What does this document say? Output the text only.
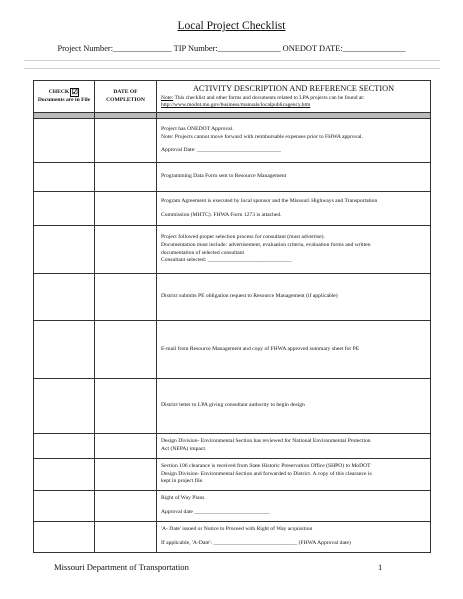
Local Project Checklist
Project Number:______________ TIP Number:_______________ ONEDOT DATE:_______________
CHECK ☑
Documents are in File	DATE OF COMPLETION	ACTIVITY DESCRIPTION AND REFERENCE SECTION
Note: This checklist and other forms and documents related to LPA projects can be found at:
http://www.modot.mo.gov/business/manuals/localpublicagency.htm

		Project has ONEDOT Approval.
Note: Projects cannot move forward with reimbursable expenses prior to FHWA approval.
Approval Date: ______________________________
		Programming Data Form sent to Resource Management
		Program Agreement is executed by local sponsor and the Missouri Highways and Transportation
Commission (MHTC). FHWA Form 1273 is attached.
		Project followed proper selection process for consultant (must advertise).
Documentation must include: advertisement, evaluation criteria, evaluation forms and written
documentation of selected consultant
Consultant selected: ______________________________
		District submits PE obligation request to Resource Management (if applicable)
		E-mail from Resource Management and copy of FHWA approved summary sheet for PE
		District letter to LPA giving consultant authority to begin design
		Design Division- Environmental Section has reviewed for National Environmental Protection
Act (NEPA) impact.
		Section 106 clearance is received from State Historic Preservation Office (SHPO) to MoDOT
Design Division- Environmental Section and forwarded to District. A copy of this clearance is
kept in project file.
		Right of Way Plans
Approval date ___________________________
		'A- Date' issued or Notice to Proceed with Right of Way acquisition
If applicable, 'A-Date': ______________________________ (FHWA Approval date)
Missouri Department of Transportation	1
